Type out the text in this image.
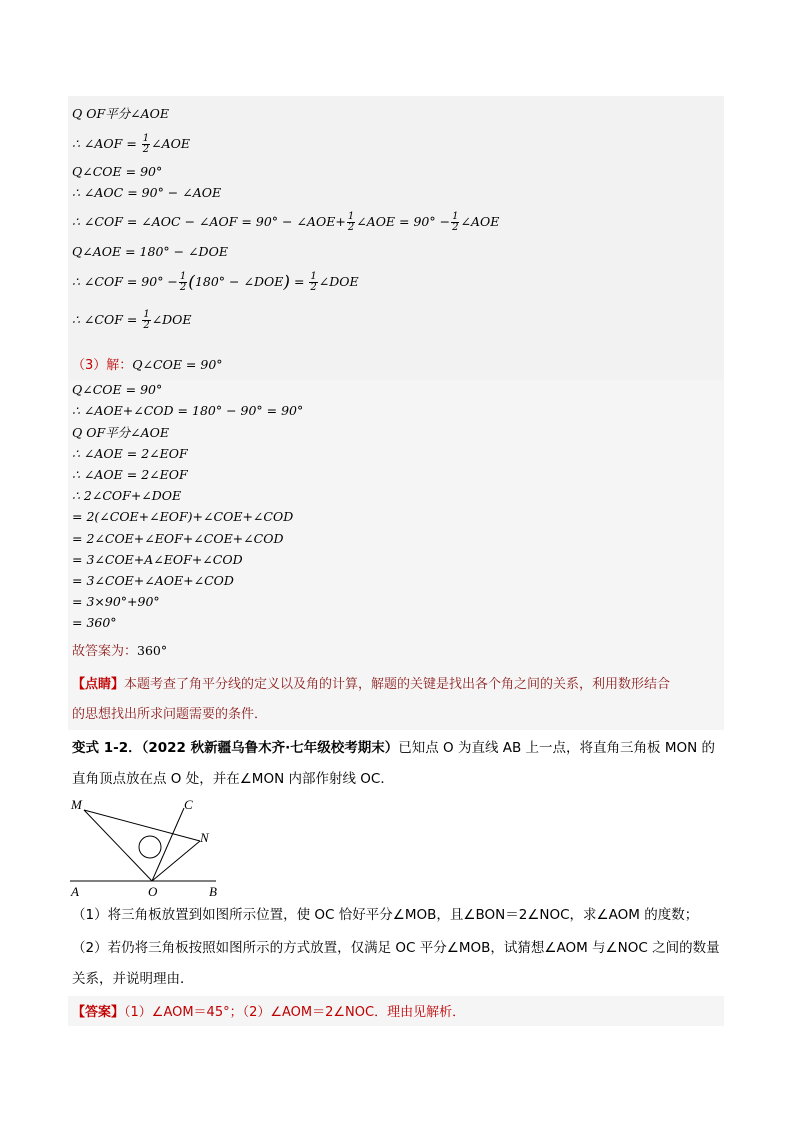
Q OF平分∠AOE
∴ ∠AOF = $\frac{1}{2}$ ∠AOE
Q∠COE = 90°
∴ ∠AOC = 90° − ∠AOE
∴ ∠COF = ∠AOC − ∠AOF = 90° − ∠AOE+ $\frac{1}{2}$ ∠AOE = $90^\circ - \frac{1}{2}$ ∠AOE
Q∠AOE = 180° − ∠DOE
∴ ∠COF = $90^\circ - \frac{1}{2} (180^\circ$ − ∠DOE) = $\frac{1}{2}$ ∠DOE
∴ ∠COF = $\frac{1}{2}$ ∠DOE
（3）解：Q∠COE = 90°
Q∠COE = 90°
∴ ∠AOE+∠COD = 180° − 90° = 90°
Q OF平分∠AOE
∴ ∠AOE = 2∠EOF
∴ ∠AOE = 2∠EOF
∴ 2∠COF+∠DOE
= 2(∠COE+∠EOF)+∠COE+∠COD
= 2∠COE+∠EOF+∠COE+∠COD
= 3∠COE+A∠EOF+∠COD
= 3∠COE+∠AOE+∠COD
= 3×90°+90°
= 360°
故答案为：360°
【点睛】本题考查了角平分线的定义以及角的计算，解题的关键是找出各个角之间的关系，利用数形结合
的思想找出所求问题需要的条件．
变式 1-2．（2022 秋新疆乌鲁木齐·七年级校考期末）已知点 O 为直线 AB 上一点，将直角三角板 MON 的
直角顶点放在点 O 处，并在∠MON 内部作射线 OC．
M	C
N
A	O	B
（1）将三角板放置到如图所示位置，使 OC 恰好平分∠MOB，且∠BON＝2∠NOC，求∠AOM 的度数；
（2）若仍将三角板按照如图所示的方式放置，仅满足 OC 平分∠MOB，试猜想∠AOM 与∠NOC 之间的数量
关系，并说明理由．
【答案】（1）∠AOM＝45°；（2）∠AOM＝2∠NOC．理由见解析．
